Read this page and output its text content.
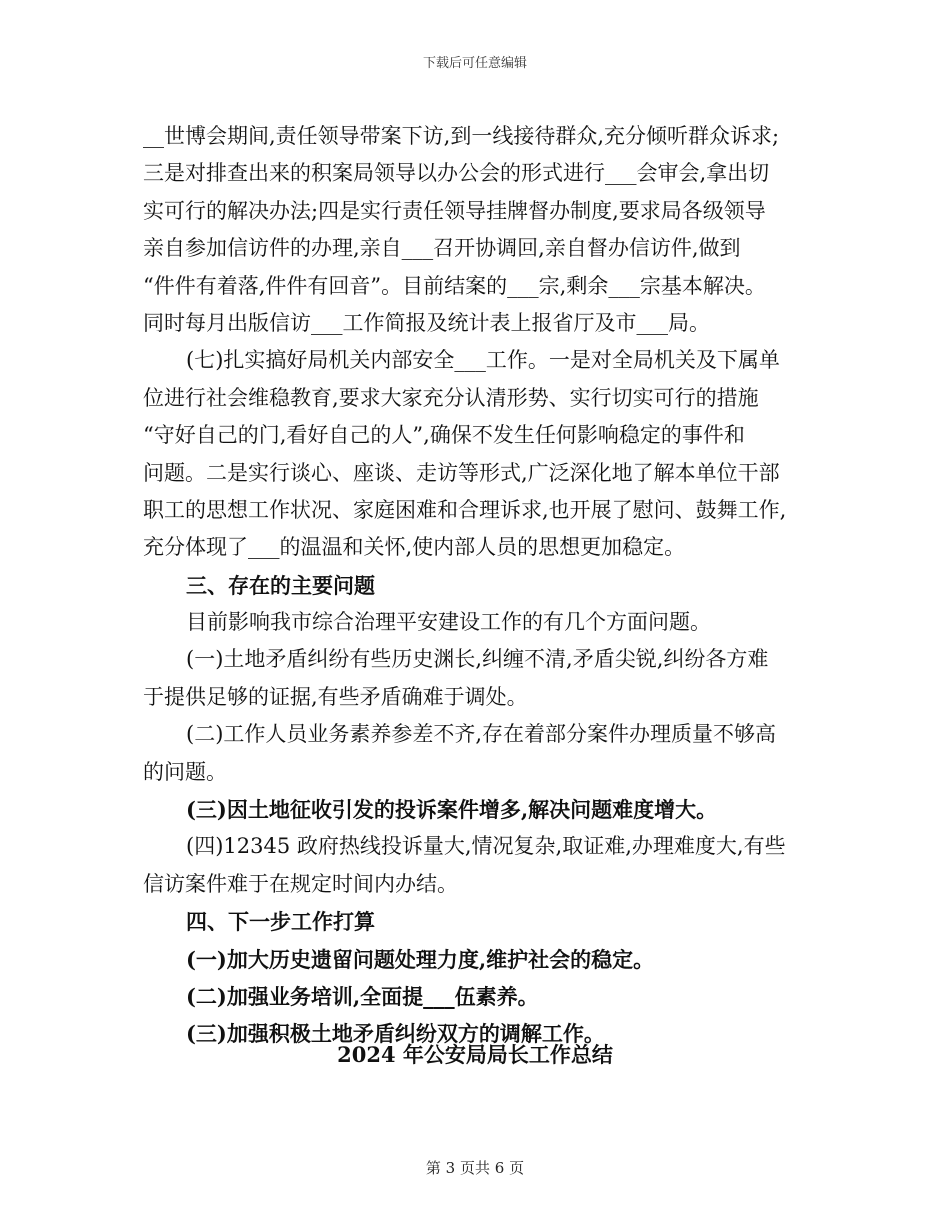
下载后可任意编辑
__世博会期间,责任领导带案下访,到一线接待群众,充分倾听群众诉求;
三是对排查出来的积案局领导以办公会的形式进行___会审会,拿出切
实可行的解决办法;四是实行责任领导挂牌督办制度,要求局各级领导
亲自参加信访件的办理,亲自___召开协调回,亲自督办信访件,做到
“件件有着落,件件有回音”。目前结案的___宗,剩余___宗基本解决。
同时每月出版信访___工作简报及统计表上报省厅及市___局。
(七)扎实搞好局机关内部安全___工作。一是对全局机关及下属单
位进行社会维稳教育,要求大家充分认清形势、实行切实可行的措施
“守好自己的门,看好自己的人”,确保不发生任何影响稳定的事件和
问题。二是实行谈心、座谈、走访等形式,广泛深化地了解本单位干部
职工的思想工作状况、家庭困难和合理诉求,也开展了慰问、鼓舞工作,
充分体现了___的温温和关怀,使内部人员的思想更加稳定。
三、存在的主要问题
目前影响我市综合治理平安建设工作的有几个方面问题。
(一)土地矛盾纠纷有些历史渊长,纠缠不清,矛盾尖锐,纠纷各方难
于提供足够的证据,有些矛盾确难于调处。
(二)工作人员业务素养参差不齐,存在着部分案件办理质量不够高
的问题。
(三)因土地征收引发的投诉案件增多,解决问题难度增大。
(四)12345 政府热线投诉量大,情况复杂,取证难,办理难度大,有些
信访案件难于在规定时间内办结。
四、下一步工作打算
(一)加大历史遗留问题处理力度,维护社会的稳定。
(二)加强业务培训,全面提___伍素养。
(三)加强积极土地矛盾纠纷双方的调解工作。
2024 年公安局局长工作总结
第 3 页共 6 页
